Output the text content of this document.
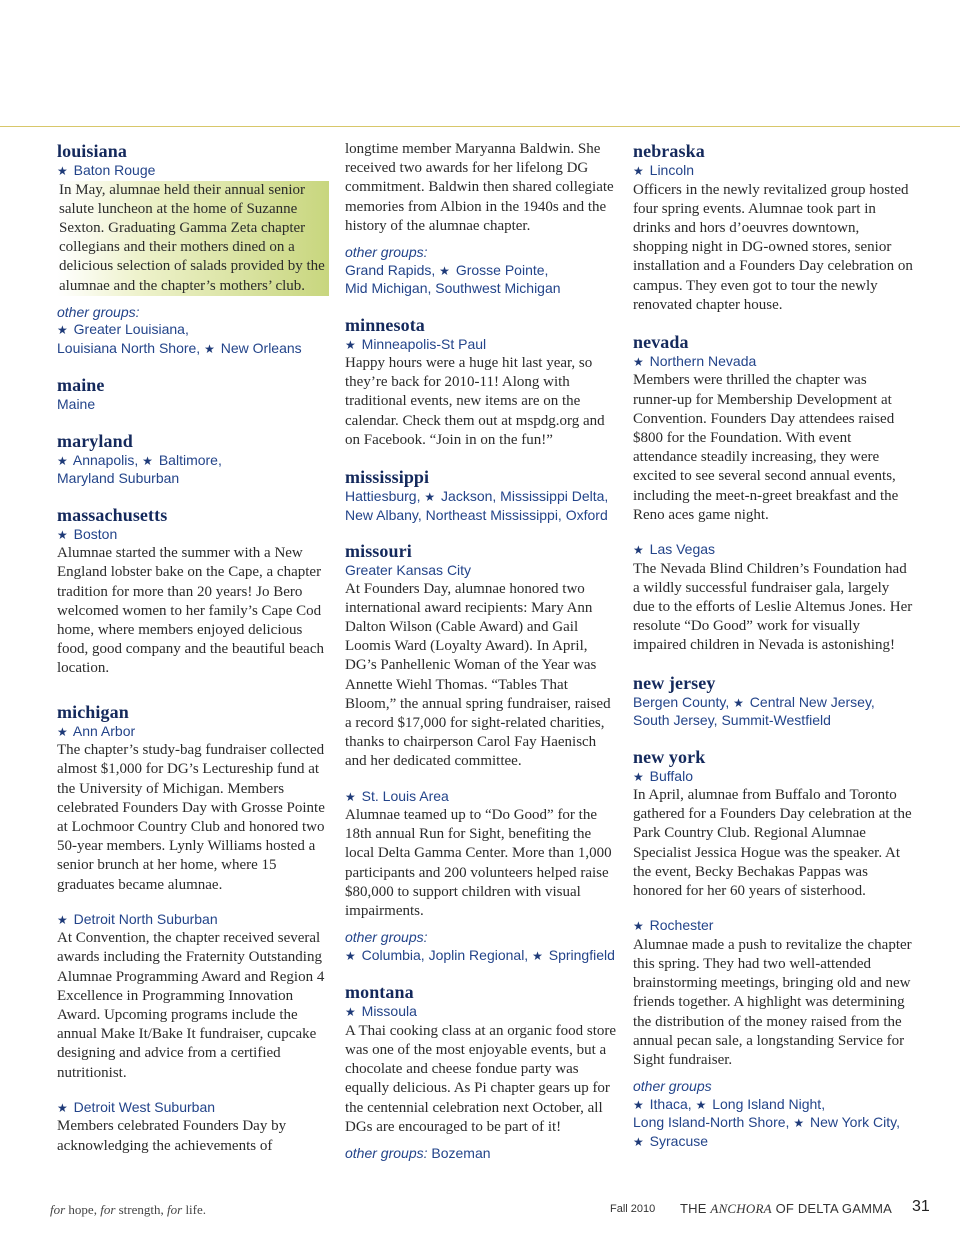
louisiana
★ Baton Rouge

In May, alumnae held their annual senior salute luncheon at the home of Suzanne Sexton. Graduating Gamma Zeta chapter collegians and their mothers dined on a delicious selection of salads provided by the alumnae and the chapter’s mothers’ club.

other groups:
★ Greater Louisiana,
Louisiana North Shore, ★ New Orleans
maine
Maine
maryland
★ Annapolis, ★ Baltimore,
Maryland Suburban
massachusetts
★ Boston

Alumnae started the summer with a New England lobster bake on the Cape, a chapter tradition for more than 20 years! Jo Bero welcomed women to her family’s Cape Cod home, where members enjoyed delicious food, good company and the beautiful beach location.

michigan
★ Ann Arbor

The chapter’s study-bag fundraiser collected almost $1,000 for DG’s Lectureship fund at the University of Michigan. Members celebrated Founders Day with Grosse Pointe at Lochmoor Country Club and honored two 50-year members. Lynly Williams hosted a senior brunch at her home, where 15 graduates became alumnae.

★ Detroit North Suburban

At Convention, the chapter received several awards including the Fraternity Outstanding Alumnae Programming Award and Region 4 Excellence in Programming Innovation Award. Upcoming programs include the annual Make It/Bake It fundraiser, cupcake designing and advice from a certified nutritionist.

★ Detroit West Suburban

Members celebrated Founders Day by acknowledging the achievements of

longtime member Maryanna Baldwin. She received two awards for her lifelong DG commitment. Baldwin then shared collegiate memories from Albion in the 1940s and the history of the alumnae chapter.

other groups:
Grand Rapids, ★ Grosse Pointe,
Mid Michigan, Southwest Michigan
minnesota
★ Minneapolis-St Paul

Happy hours were a huge hit last year, so they’re back for 2010-11! Along with traditional events, new items are on the calendar. Check them out at mspdg.org and on Facebook. “Join in on the fun!”

mississippi
Hattiesburg, ★ Jackson, Mississippi Delta,
New Albany, Northeast Mississippi, Oxford
missouri
Greater Kansas City

At Founders Day, alumnae honored two international award recipients: Mary Ann Dalton Wilson (Cable Award) and Gail Loomis Ward (Loyalty Award). In April, DG’s Panhellenic Woman of the Year was Annette Wiehl Thomas. “Tables That Bloom,” the annual spring fundraiser, raised a record $17,000 for sight-related charities, thanks to chairperson Carol Fay Haenisch and her dedicated committee.

★ St. Louis Area

Alumnae teamed up to “Do Good” for the 18th annual Run for Sight, benefiting the local Delta Gamma Center. More than 1,000 participants and 200 volunteers helped raise $80,000 to support children with visual impairments.

other groups:
★ Columbia, Joplin Regional, ★ Springfield
montana
★ Missoula

A Thai cooking class at an organic food store was one of the most enjoyable events, but a chocolate and cheese fondue party was equally delicious. As Pi chapter gears up for the centennial celebration next October, all DGs are encouraged to be part of it!

other groups: Bozeman
nebraska
★ Lincoln

Officers in the newly revitalized group hosted four spring events. Alumnae took part in drinks and hors d’oeuvres downtown, shopping night in DG-owned stores, senior installation and a Founders Day celebration on campus. They even got to tour the newly renovated chapter house.

nevada
★ Northern Nevada

Members were thrilled the chapter was runner-up for Membership Development at Convention. Founders Day attendees raised $800 for the Foundation. With event attendance steadily increasing, they were excited to see several second annual events, including the meet-n-greet breakfast and the Reno aces game night.

★ Las Vegas

The Nevada Blind Children’s Foundation had a wildly successful fundraiser gala, largely due to the efforts of Leslie Altemus Jones. Her resolute “Do Good” work for visually impaired children in Nevada is astonishing!

new jersey
Bergen County, ★ Central New Jersey,
South Jersey, Summit-Westfield
new york
★ Buffalo

In April, alumnae from Buffalo and Toronto gathered for a Founders Day celebration at the Park Country Club. Regional Alumnae Specialist Jessica Hogue was the speaker. At the event, Becky Bechakas Pappas was honored for her 60 years of sisterhood.

★ Rochester

Alumnae made a push to revitalize the chapter this spring. They had two well-attended brainstorming meetings, bringing old and new friends together. A highlight was determining the distribution of the money raised from the annual pecan sale, a longstanding Service for Sight fundraiser.

other groups
★ Ithaca, ★ Long Island Night,
Long Island-North Shore, ★ New York City,
★ Syracuse
for hope, for strength, for life.	Fall 2010 THE ANCHORA OF DELTA GAMMA 31
